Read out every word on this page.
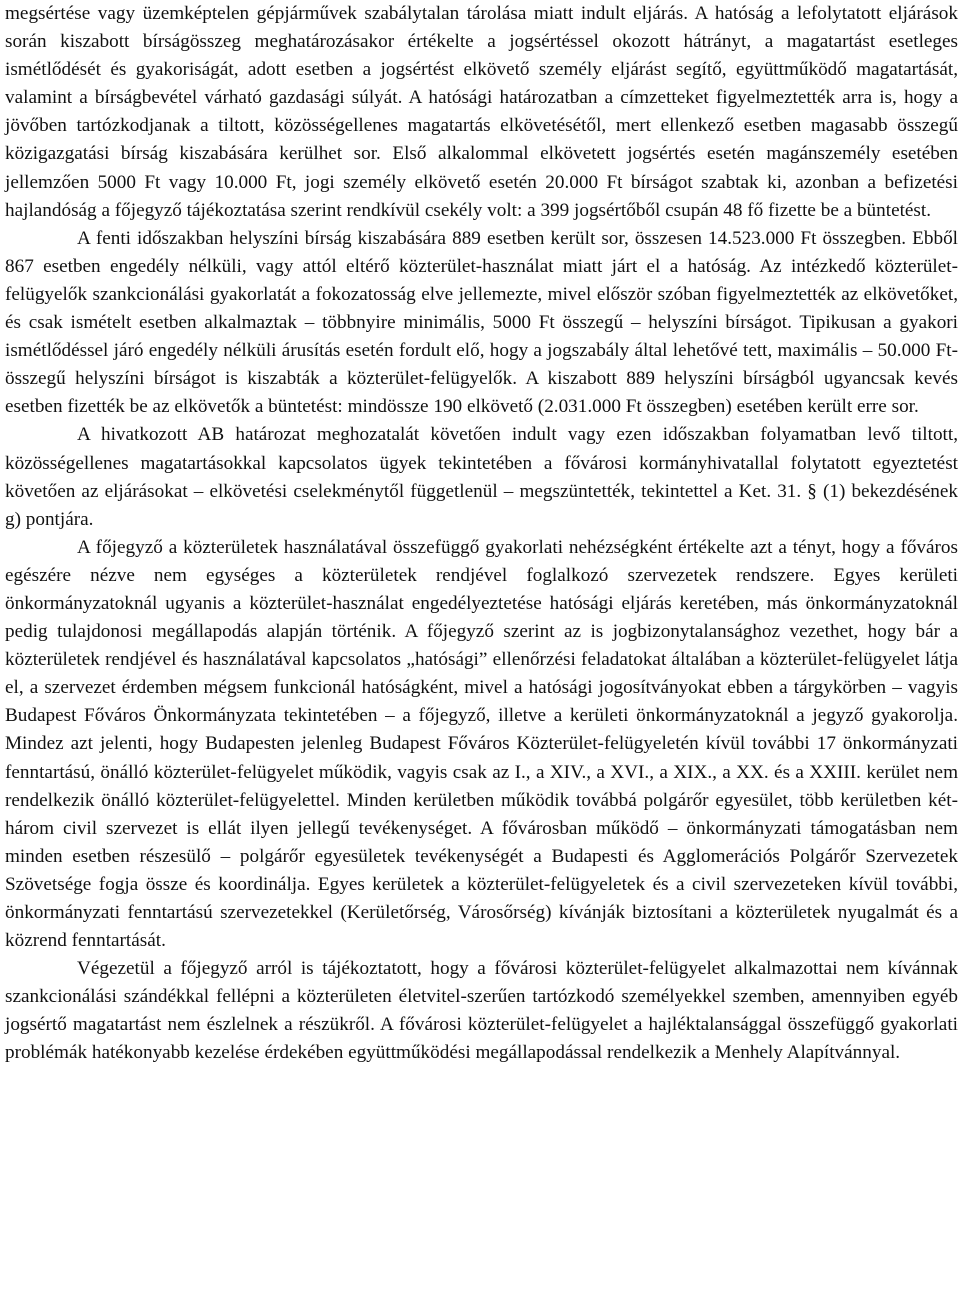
megsértése vagy üzemképtelen gépjárművek szabálytalan tárolása miatt indult eljárás. A hatóság a lefolytatott eljárások során kiszabott bírságösszeg meghatározásakor értékelte a jogsértéssel okozott hátrányt, a magatartást esetleges ismétlődését és gyakoriságát, adott esetben a jogsértést elkövető személy eljárást segítő, együttműködő magatartását, valamint a bírságbevétel várható gazdasági súlyát. A hatósági határozatban a címzetteket figyelmeztették arra is, hogy a jövőben tartózkodjanak a tiltott, közösségellenes magatartás elkövetésétől, mert ellenkező esetben magasabb összegű közigazgatási bírság kiszabására kerülhet sor. Első alkalommal elkövetett jogsértés esetén magánszemély esetében jellemzően 5000 Ft vagy 10.000 Ft, jogi személy elkövető esetén 20.000 Ft bírságot szabtak ki, azonban a befizetési hajlandóság a főjegyző tájékoztatása szerint rendkívül csekély volt: a 399 jogsértőből csupán 48 fő fizette be a büntetést.

A fenti időszakban helyszíni bírság kiszabására 889 esetben került sor, összesen 14.523.000 Ft összegben. Ebből 867 esetben engedély nélküli, vagy attól eltérő közterület-használat miatt járt el a hatóság. Az intézkedő közterület-felügyelők szankcionálási gyakorlatát a fokozatosság elve jellemezte, mivel először szóban figyelmeztették az elkövetőket, és csak ismételt esetben alkalmaztak – többnyire minimális, 5000 Ft összegű – helyszíni bírságot. Tipikusan a gyakori ismétlődéssel járó engedély nélküli árusítás esetén fordult elő, hogy a jogszabály által lehetővé tett, maximális – 50.000 Ft- összegű helyszíni bírságot is kiszabták a közterület-felügyelők. A kiszabott 889 helyszíni bírságból ugyancsak kevés esetben fizették be az elkövetők a büntetést: mindössze 190 elkövető (2.031.000 Ft összegben) esetében került erre sor.

A hivatkozott AB határozat meghozatalát követően indult vagy ezen időszakban folyamatban levő tiltott, közösségellenes magatartásokkal kapcsolatos ügyek tekintetében a fővárosi kormányhivatallal folytatott egyeztetést követően az eljárásokat – elkövetési cselekménytől függetlenül – megszüntették, tekintettel a Ket. 31. § (1) bekezdésének g) pontjára.

A főjegyző a közterületek használatával összefüggő gyakorlati nehézségként értékelte azt a tényt, hogy a főváros egészére nézve nem egységes a közterületek rendjével foglalkozó szervezetek rendszere. Egyes kerületi önkormányzatoknál ugyanis a közterület-használat engedélyeztetése hatósági eljárás keretében, más önkormányzatoknál pedig tulajdonosi megállapodás alapján történik. A főjegyző szerint az is jogbizonytalansághoz vezethet, hogy bár a közterületek rendjével és használatával kapcsolatos „hatósági” ellenőrzési feladatokat általában a közterület-felügyelet látja el, a szervezet érdemben mégsem funkcionál hatóságként, mivel a hatósági jogosítványokat ebben a tárgykörben – vagyis Budapest Főváros Önkormányzata tekintetében – a főjegyző, illetve a kerületi önkormányzatoknál a jegyző gyakorolja. Mindez azt jelenti, hogy Budapesten jelenleg Budapest Főváros Közterület-felügyeletén kívül további 17 önkormányzati fenntartású, önálló közterület-felügyelet működik, vagyis csak az I., a XIV., a XVI., a XIX., a XX. és a XXIII. kerület nem rendelkezik önálló közterület-felügyelettel. Minden kerületben működik továbbá polgárőr egyesület, több kerületben két-három civil szervezet is ellát ilyen jellegű tevékenységet. A fővárosban működő – önkormányzati támogatásban nem minden esetben részesülő – polgárőr egyesületek tevékenységét a Budapesti és Agglomerációs Polgárőr Szervezetek Szövetsége fogja össze és koordinálja. Egyes kerületek a közterület-felügyeletek és a civil szervezeteken kívül további, önkormányzati fenntartású szervezetekkel (Kerületőrség, Városőrség) kívánják biztosítani a közterületek nyugalmát és a közrend fenntartását.

Végezetül a főjegyző arról is tájékoztatott, hogy a fővárosi közterület-felügyelet alkalmazottai nem kívánnak szankcionálási szándékkal fellépni a közterületen életvitel-szerűen tartózkodó személyekkel szemben, amennyiben egyéb jogsértő magatartást nem észlelnek a részükről. A fővárosi közterület-felügyelet a hajléktalansággal összefüggő gyakorlati problémák hatékonyabb kezelése érdekében együttműködési megállapodással rendelkezik a Menhely Alapítvánnyal.
